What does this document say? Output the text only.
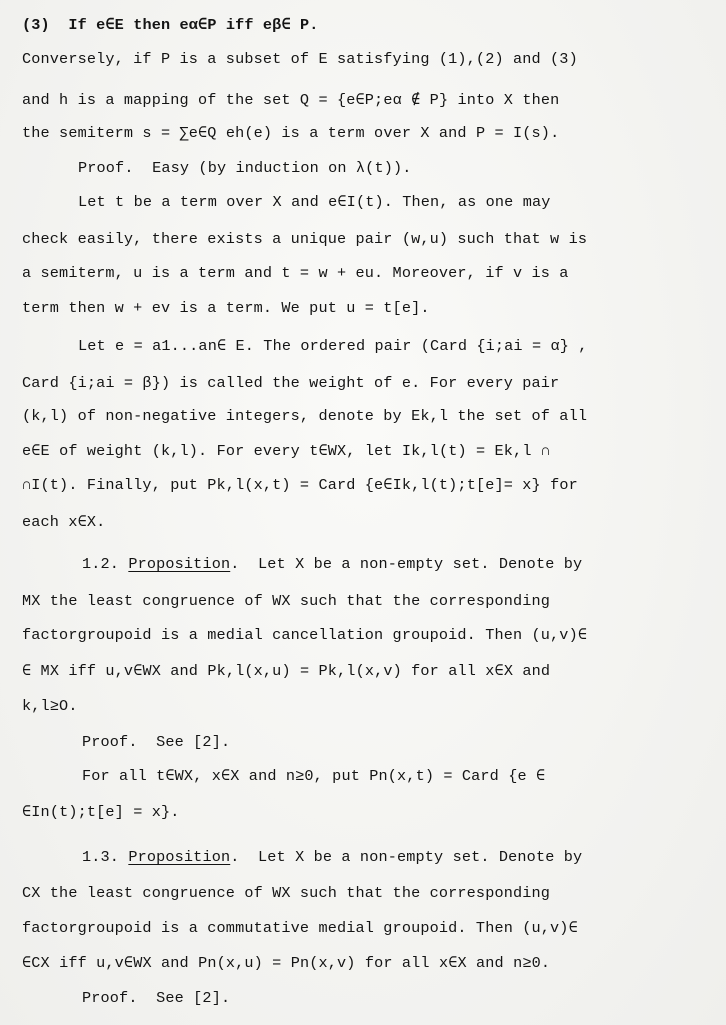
(3)  If e∈E then eα∈P iff eβ∈ P.
Conversely, if P is a subset of E satisfying (1),(2) and (3)
and h is a mapping of the set Q = {e∈P;eα ∉ P} into X then
the semiterm s = ∑e∈Q eh(e) is a term over X and P = I(s).
Proof.  Easy (by induction on λ(t)).
Let t be a term over X and e∈I(t). Then, as one may
check easily, there exists a unique pair (w,u) such that w is
a semiterm, u is a term and t = w + eu. Moreover, if v is a
term then w + ev is a term. We put u = t[e].
Let e = a1...an∈ E. The ordered pair (Card {i;ai = α} ,
Card {i;ai = β}) is called the weight of e. For every pair
(k,l) of non-negative integers, denote by Ek,l the set of all
e∈E of weight (k,l). For every t∈WX, let Ik,l(t) = Ek,l ∩
∩I(t). Finally, put Pk,l(x,t) = Card {e∈Ik,l(t);t[e]= x} for
each x∈X.
1.2. Proposition.  Let X be a non-empty set. Denote by
MX the least congruence of WX such that the corresponding
factorgroupoid is a medial cancellation groupoid. Then (u,v)∈
∈ MX iff u,v∈WX and Pk,l(x,u) = Pk,l(x,v) for all x∈X and
k,l≥O.
Proof.  See [2].
For all t∈WX, x∈X and n≥0, put Pn(x,t) = Card {e ∈
∈In(t);t[e] = x}.
1.3. Proposition.  Let X be a non-empty set. Denote by
CX the least congruence of WX such that the corresponding
factorgroupoid is a commutative medial groupoid. Then (u,v)∈
∈CX iff u,v∈WX and Pn(x,u) = Pn(x,v) for all x∈X and n≥0.
Proof.  See [2].
